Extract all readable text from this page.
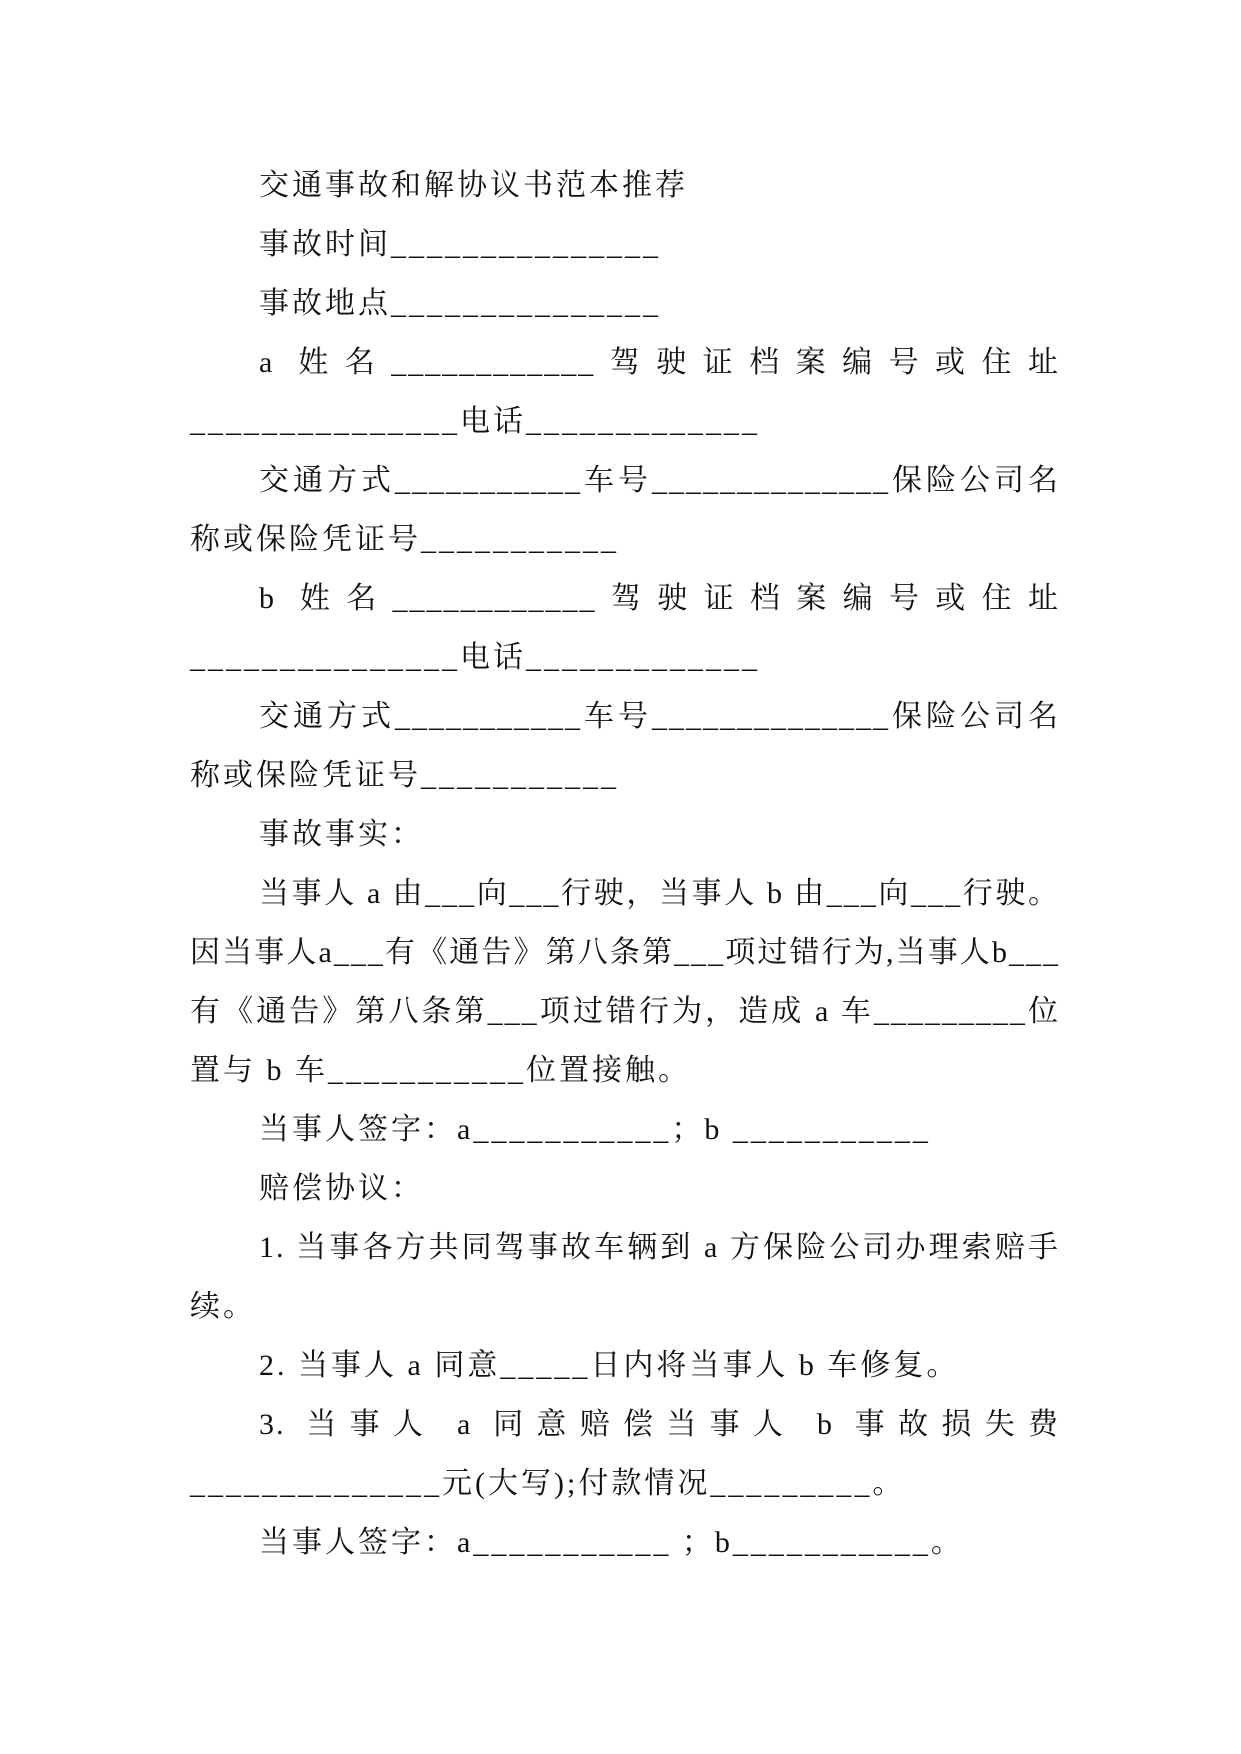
交通事故和解协议书范本推荐
事故时间_______________
事故地点_______________
a 姓名____________驾驶证档案编号或住址
_______________电话_____________
交通方式___________车号______________保险公司名
称或保险凭证号___________
b 姓名____________驾驶证档案编号或住址
_______________电话_____________
交通方式___________车号______________保险公司名
称或保险凭证号___________
事故事实：
当事人 a 由___向___行驶，当事人 b 由___向___行驶。
因当事人a___有《通告》第八条第___项过错行为,当事人b___
有《通告》第八条第___项过错行为，造成 a 车_________位
置与 b 车___________位置接触。
当事人签字：a___________；b ___________
赔偿协议：
1. 当事各方共同驾事故车辆到 a 方保险公司办理索赔手
续。
2. 当事人 a 同意_____日内将当事人 b 车修复。
3. 当事人 a 同意赔偿当事人 b 事故损失费
______________元(大写);付款情况_________。
当事人签字：a___________ ；b___________。
